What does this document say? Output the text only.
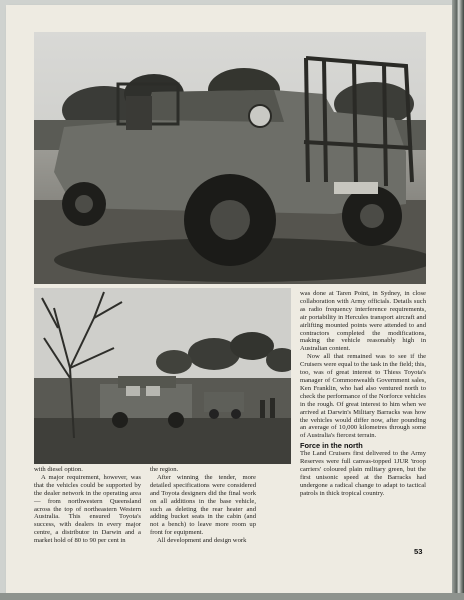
with diesel option.

A major requirement, however, was that the vehicles could be supported by the dealer network in the operating area — from northwestern Queensland across the top of northeastern Western Australia. This ensured Toyota's success, with dealers in every major centre, a distributor in Darwin and a market hold of 80 to 90 per cent in

the region.

After winning the tender, more detailed specifications were considered and Toyota designers did the final work on all additions in the base vehicle, such as deleting the rear heater and adding bucket seats in the cabin (and not a bench) to leave more room up front for equipment.

All development and design work

was done at Taren Point, in Sydney, in close collaboration with Army officials. Details such as radio frequency interference requirements, air portability in Hercules transport aircraft and airlifting mounted points were attended to and contractors completed the modifications, making the vehicle reasonably high in Australian content.

Now all that remained was to see if the Cruisers were equal to the task in the field; this, too, was of great interest to Thiess Toyota's manager of Commonwealth Government sales, Ken Franklin, who had also ventured north to check the performance of the Norforce vehicles in the rough. Of great interest to him when we arrived at Darwin's Military Barracks was how the vehicles would differ now, after pounding an average of 10,000 kilometres through some of Australia's fiercest terrain.

Force in the north

The Land Cruisers first delivered to the Army Reserves were full canvas-topped 1JUR 'troop carriers' coloured plain military green, but the first unisonic speed at the Barracks had undergone a radical change to adapt to tactical patrols in thick tropical country.

53
